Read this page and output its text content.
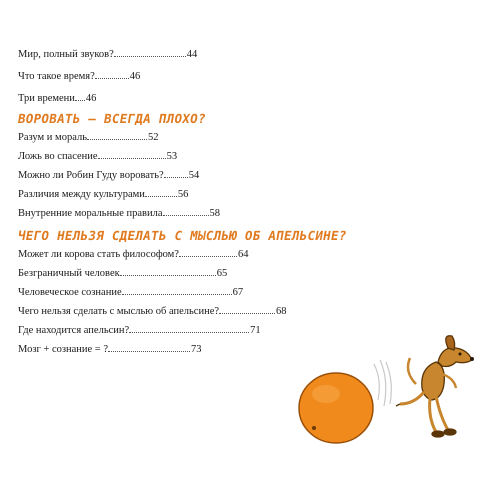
Мир, полный звуков?	44
Что такое время?	46
Три времени 46
ВОРОВАТЬ — ВСЕГДА ПЛОХО?
Разум и мораль	52
Ложь во спасение	53
Можно ли Робин Гуду воровать? 54
Различия между культурами	56
Внутренние моральные правила	58
ЧЕГО НЕЛЬЗЯ СДЕЛАТЬ С МЫСЛЬЮ ОБ АПЕЛЬСИНЕ?
Может ли корова стать философом?	64
Безграничный человек	65
Человеческое сознание	67
Чего нельзя сделать с мыслью об апельсине?	68
Где находится апельсин?	71
Мозг + сознание = ?	73
